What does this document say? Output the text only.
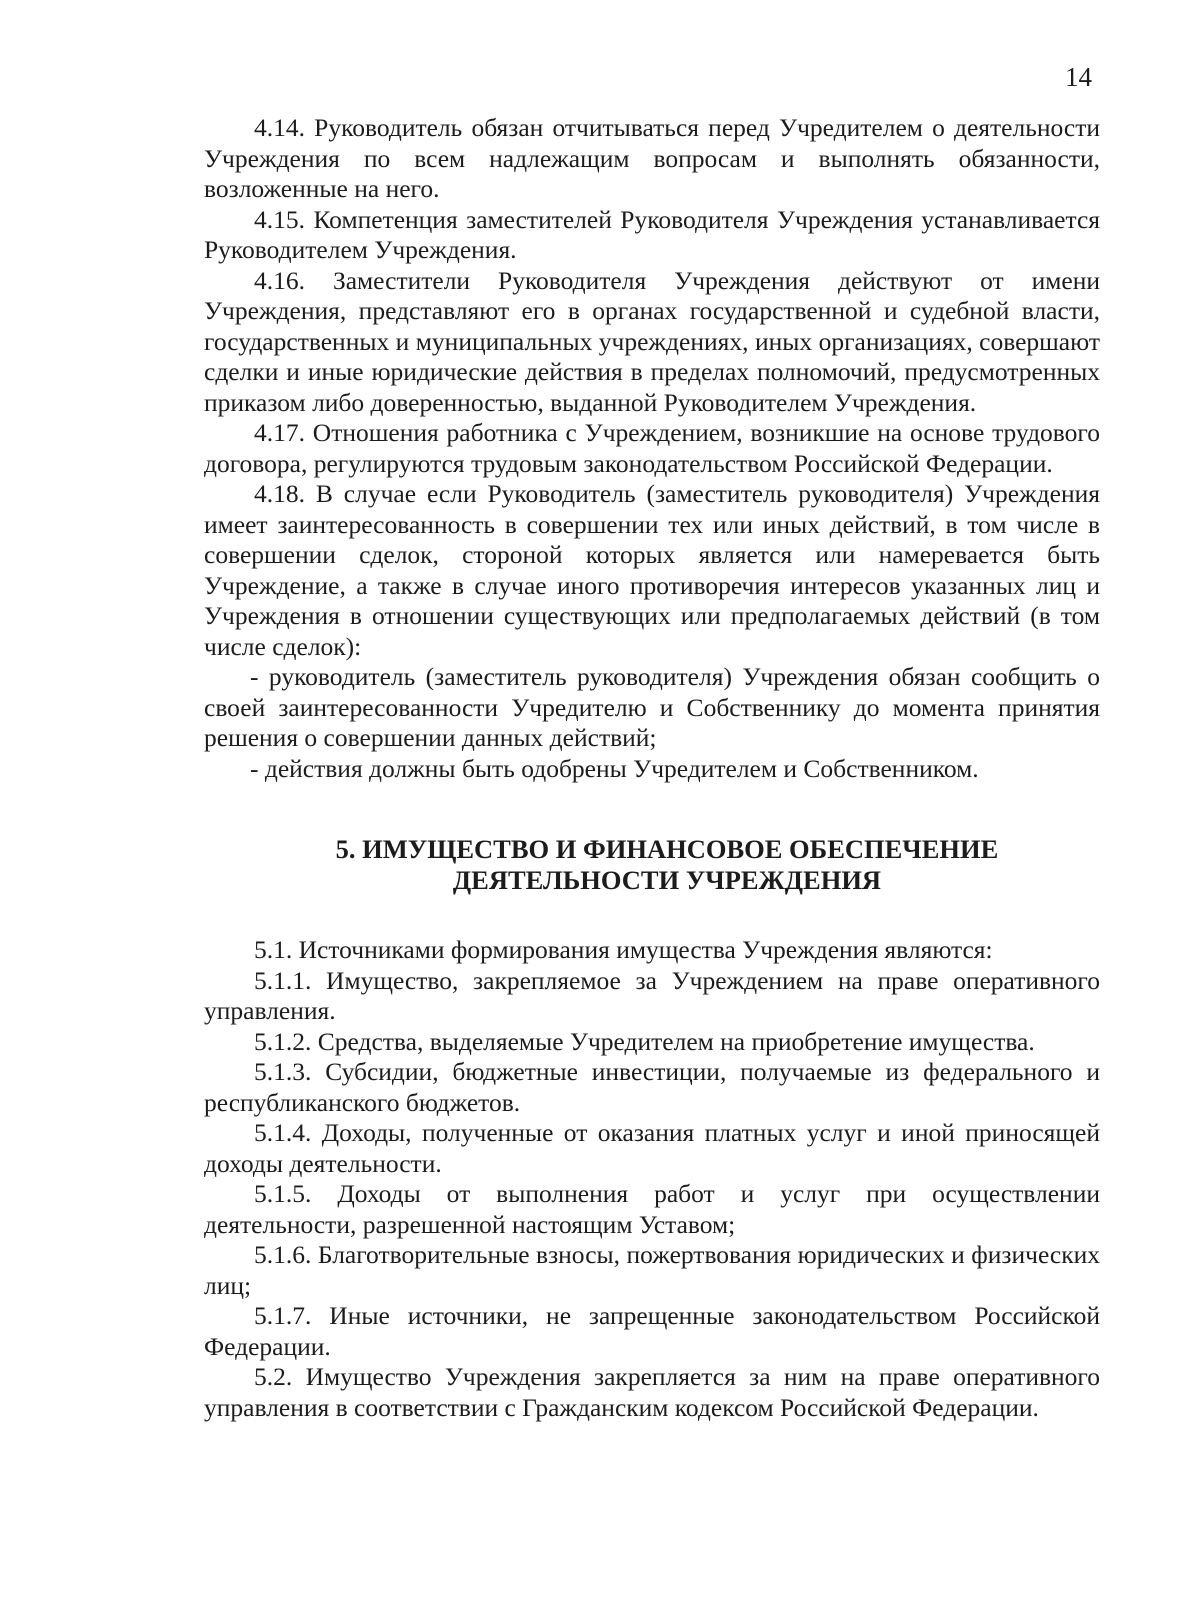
14

4.14. Руководитель обязан отчитываться перед Учредителем о деятельности Учреждения по всем надлежащим вопросам и выполнять обязанности, возложенные на него.

4.15. Компетенция заместителей Руководителя Учреждения устанавливается Руководителем Учреждения.

4.16. Заместители Руководителя Учреждения действуют от имени Учреждения, представляют его в органах государственной и судебной власти, государственных и муниципальных учреждениях, иных организациях, совершают сделки и иные юридические действия в пределах полномочий, предусмотренных приказом либо доверенностью, выданной Руководителем Учреждения.

4.17. Отношения работника с Учреждением, возникшие на основе трудового договора, регулируются трудовым законодательством Российской Федерации.

4.18. В случае если Руководитель (заместитель руководителя) Учреждения имеет заинтересованность в совершении тех или иных действий, в том числе в совершении сделок, стороной которых является или намеревается быть Учреждение, а также в случае иного противоречия интересов указанных лиц и Учреждения в отношении существующих или предполагаемых действий (в том числе сделок):

- руководитель (заместитель руководителя) Учреждения обязан сообщить о своей заинтересованности Учредителю и Собственнику до момента принятия решения о совершении данных действий;

- действия должны быть одобрены Учредителем и Собственником.

5. ИМУЩЕСТВО И ФИНАНСОВОЕ ОБЕСПЕЧЕНИЕ
ДЕЯТЕЛЬНОСТИ УЧРЕЖДЕНИЯ

5.1. Источниками формирования имущества Учреждения являются:

5.1.1. Имущество, закрепляемое за Учреждением на праве оперативного управления.

5.1.2. Средства, выделяемые Учредителем на приобретение имущества.

5.1.3. Субсидии, бюджетные инвестиции, получаемые из федерального и республиканского бюджетов.

5.1.4. Доходы, полученные от оказания платных услуг и иной приносящей доходы деятельности.

5.1.5. Доходы от выполнения работ и услуг при осуществлении деятельности, разрешенной настоящим Уставом;

5.1.6. Благотворительные взносы, пожертвования юридических и физических лиц;

5.1.7. Иные источники, не запрещенные законодательством Российской Федерации.

5.2. Имущество Учреждения закрепляется за ним на праве оперативного управления в соответствии с Гражданским кодексом Российской Федерации.
